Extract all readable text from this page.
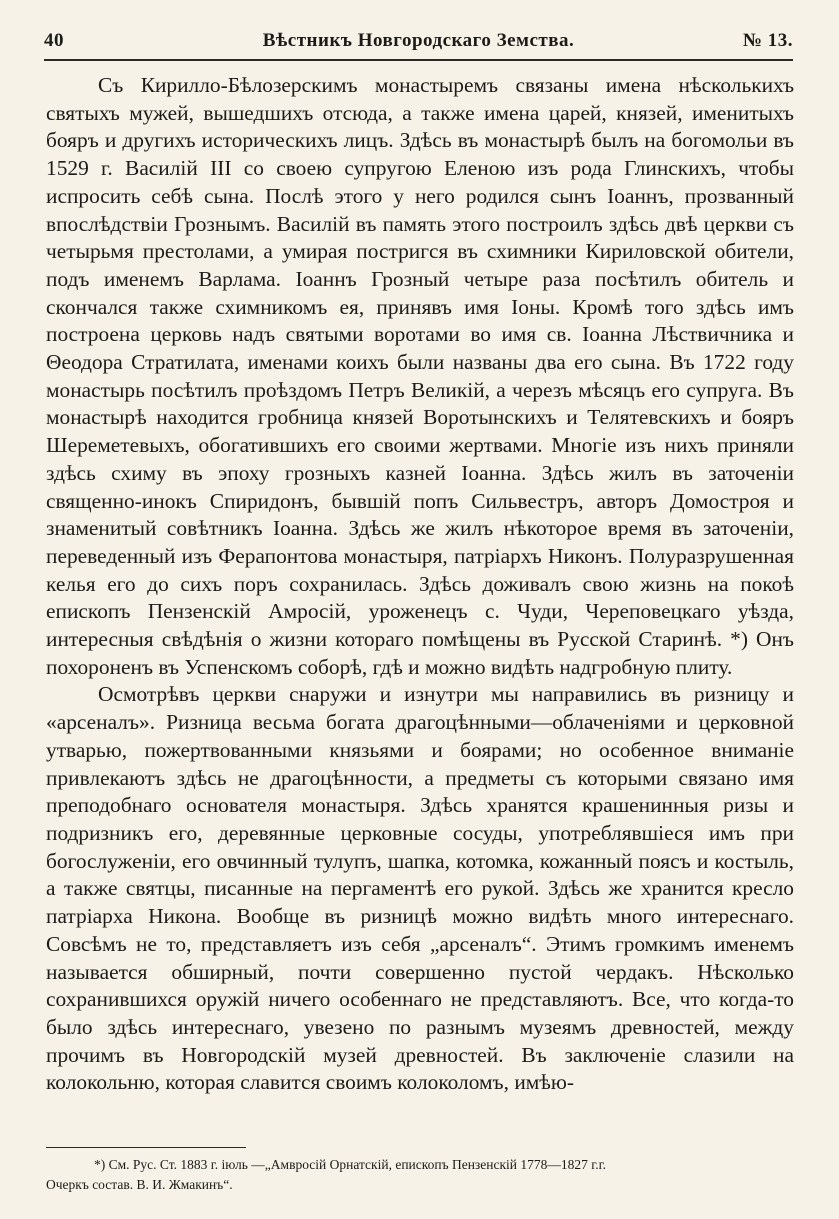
40	Вѣстникъ Новгородскаго Земства.	№ 13.

Съ Кирилло-Бѣлозерскимъ монастыремъ связаны имена нѣсколькихъ святыхъ мужей, вышедшихъ отсюда, а также имена царей, князей, именитыхъ бояръ и другихъ историческихъ лицъ. Здѣсь въ монастырѣ былъ на богомольи въ 1529 г. Василій III со своею супругою Еленою изъ рода Глинскихъ, чтобы испросить себѣ сына. Послѣ этого у него родился сынъ Іоаннъ, прозванный впослѣдствіи Грознымъ. Василій въ память этого построилъ здѣсь двѣ церкви съ четырьмя престолами, а умирая постригся въ схимники Кириловской обители, подъ именемъ Варлама. Іоаннъ Грозный четыре раза посѣтилъ обитель и скончался также схимникомъ ея, принявъ имя Іоны. Кромѣ того здѣсь имъ построена церковь надъ святыми воротами во имя св. Іоанна Лѣствичника и Θеодора Стратилата, именами коихъ были названы два его сына. Въ 1722 году монастырь посѣтилъ проѣздомъ Петръ Великій, а черезъ мѣсяцъ его супруга. Въ монастырѣ находится гробница князей Воротынскихъ и Телятевскихъ и бояръ Шереметевыхъ, обогатившихъ его своими жертвами. Многіе изъ нихъ приняли здѣсь схиму въ эпоху грозныхъ казней Іоанна. Здѣсь жилъ въ заточеніи священно-инокъ Спиридонъ, бывшій попъ Сильвестръ, авторъ Домостроя и знаменитый совѣтникъ Іоанна. Здѣсь же жилъ нѣкоторое время въ заточеніи, переведенный изъ Ферапонтова монастыря, патріархъ Никонъ. Полуразрушенная келья его до сихъ поръ сохранилась. Здѣсь доживалъ свою жизнь на покоѣ епископъ Пензенскій Амросій, уроженецъ с. Чуди, Череповецкаго уѣзда, интересныя свѣдѣнія о жизни котораго помѣщены въ Русской Старинѣ. *) Онъ похороненъ въ Успенскомъ соборѣ, гдѣ и можно видѣть надгробную плиту.

Осмотрѣвъ церкви снаружи и изнутри мы направились въ ризницу и «арсеналъ». Ризница весьма богата драгоцѣнными—облаченіями и церковной утварью, пожертвованными князьями и боярами; но особенное вниманіе привлекаютъ здѣсь не драгоцѣнности, а предметы съ которыми связано имя преподобнаго основателя монастыря. Здѣсь хранятся крашенинныя ризы и подризникъ его, деревянные церковные сосуды, употреблявшіеся имъ при богослуженіи, его овчинный тулупъ, шапка, котомка, кожанный поясъ и костыль, а также святцы, писанные на пергаментѣ его рукой. Здѣсь же хранится кресло патріарха Никона. Вообще въ ризницѣ можно видѣть много интереснаго. Совсѣмъ не то, представляетъ изъ себя „арсеналъ“. Этимъ громкимъ именемъ называется обширный, почти совершенно пустой чердакъ. Нѣсколько сохранившихся оружій ничего особеннаго не представляютъ. Все, что когда-то было здѣсь интереснаго, увезено по разнымъ музеямъ древностей, между прочимъ въ Новгородскій музей древностей. Въ заключеніе слазили на колокольню, которая славится своимъ колоколомъ, имѣю-

*) См. Рус. Ст. 1883 г. іюль —„Амвросій Орнатскій, епископъ Пензенскій 1778—1827 г.г.
Очеркъ состав. В. И. Жмакинъ“.
